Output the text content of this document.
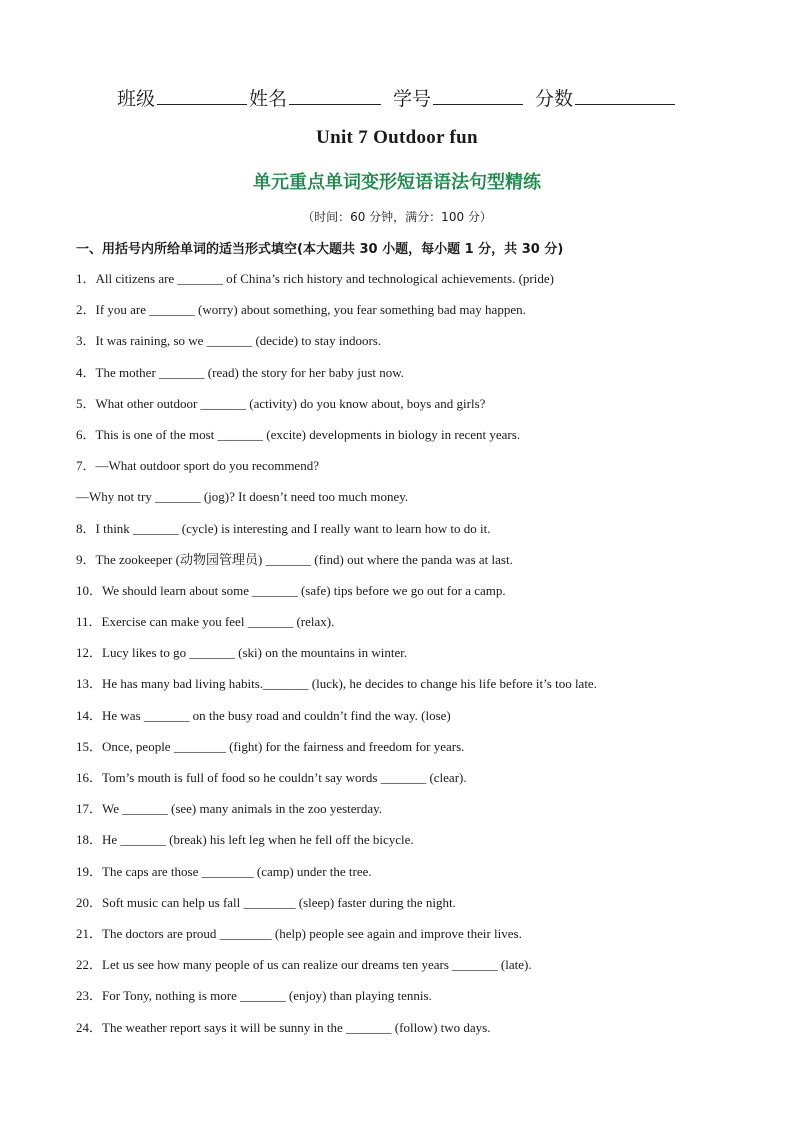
班级	姓名	学号	分数
Unit 7 Outdoor fun
单元重点单词变形短语语法句型精练
（时间：60 分钟，满分：100 分）
一、用括号内所给单词的适当形式填空(本大题共 30 小题，每小题 1 分，共 30 分)
1．All citizens are _______ of China’s rich history and technological achievements. (pride)
2．If you are _______ (worry) about something, you fear something bad may happen.
3．It was raining, so we _______ (decide) to stay indoors.
4．The mother _______ (read) the story for her baby just now.
5．What other outdoor _______ (activity) do you know about, boys and girls?
6．This is one of the most _______ (excite) developments in biology in recent years.
7．—What outdoor sport do you recommend?
—Why not try _______ (jog)? It doesn’t need too much money.
8．I think _______ (cycle) is interesting and I really want to learn how to do it.
9．The zookeeper (动物园管理员) _______ (find) out where the panda was at last.
10．We should learn about some _______ (safe) tips before we go out for a camp.
11．Exercise can make you feel _______ (relax).
12．Lucy likes to go _______ (ski) on the mountains in winter.
13．He has many bad living habits._______ (luck), he decides to change his life before it’s too late.
14．He was _______ on the busy road and couldn’t find the way. (lose)
15．Once, people ________ (fight) for the fairness and freedom for years.
16．Tom’s mouth is full of food so he couldn’t say words _______ (clear).
17．We _______ (see) many animals in the zoo yesterday.
18．He _______ (break) his left leg when he fell off the bicycle.
19．The caps are those ________ (camp) under the tree.
20．Soft music can help us fall ________ (sleep) faster during the night.
21．The doctors are proud ________ (help) people see again and improve their lives.
22．Let us see how many people of us can realize our dreams ten years _______ (late).
23．For Tony, nothing is more _______ (enjoy) than playing tennis.
24．The weather report says it will be sunny in the _______ (follow) two days.
